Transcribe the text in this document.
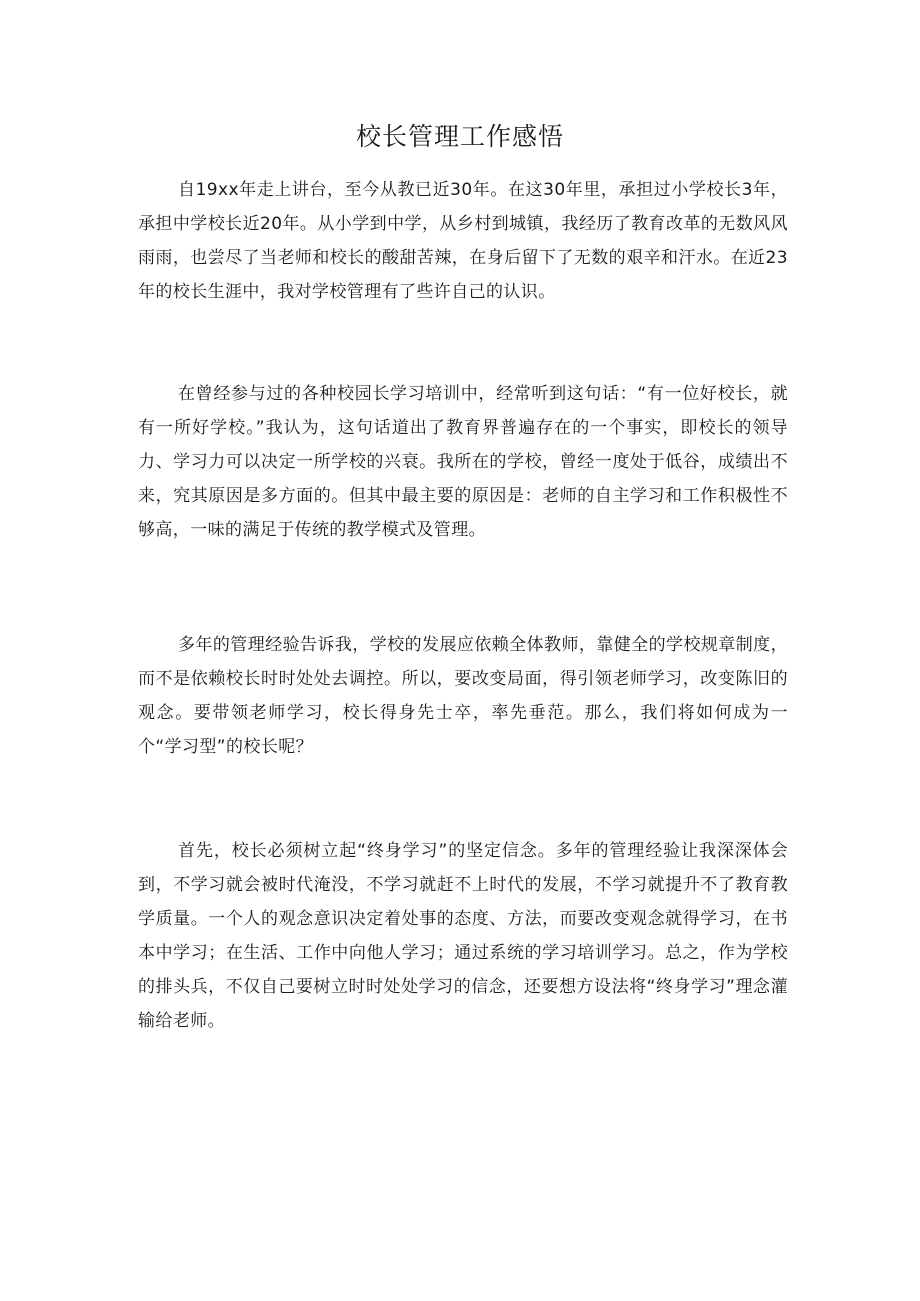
校长管理工作感悟

自19xx年走上讲台，至今从教已近30年。在这30年里，承担过小学校长3年，承担中学校长近20年。从小学到中学，从乡村到城镇，我经历了教育改革的无数风风雨雨，也尝尽了当老师和校长的酸甜苦辣，在身后留下了无数的艰辛和汗水。在近23年的校长生涯中，我对学校管理有了些许自己的认识。

在曾经参与过的各种校园长学习培训中，经常听到这句话：“有一位好校长，就有一所好学校。”我认为，这句话道出了教育界普遍存在的一个事实，即校长的领导力、学习力可以决定一所学校的兴衰。我所在的学校，曾经一度处于低谷，成绩出不来，究其原因是多方面的。但其中最主要的原因是：老师的自主学习和工作积极性不够高，一味的满足于传统的教学模式及管理。

多年的管理经验告诉我，学校的发展应依赖全体教师，靠健全的学校规章制度，而不是依赖校长时时处处去调控。所以，要改变局面，得引领老师学习，改变陈旧的观念。要带领老师学习，校长得身先士卒，率先垂范。那么，我们将如何成为一个“学习型”的校长呢？

首先，校长必须树立起“终身学习”的坚定信念。多年的管理经验让我深深体会到，不学习就会被时代淹没，不学习就赶不上时代的发展，不学习就提升不了教育教学质量。一个人的观念意识决定着处事的态度、方法，而要改变观念就得学习，在书本中学习；在生活、工作中向他人学习；通过系统的学习培训学习。总之，作为学校的排头兵，不仅自己要树立时时处处学习的信念，还要想方设法将“终身学习”理念灌输给老师。
